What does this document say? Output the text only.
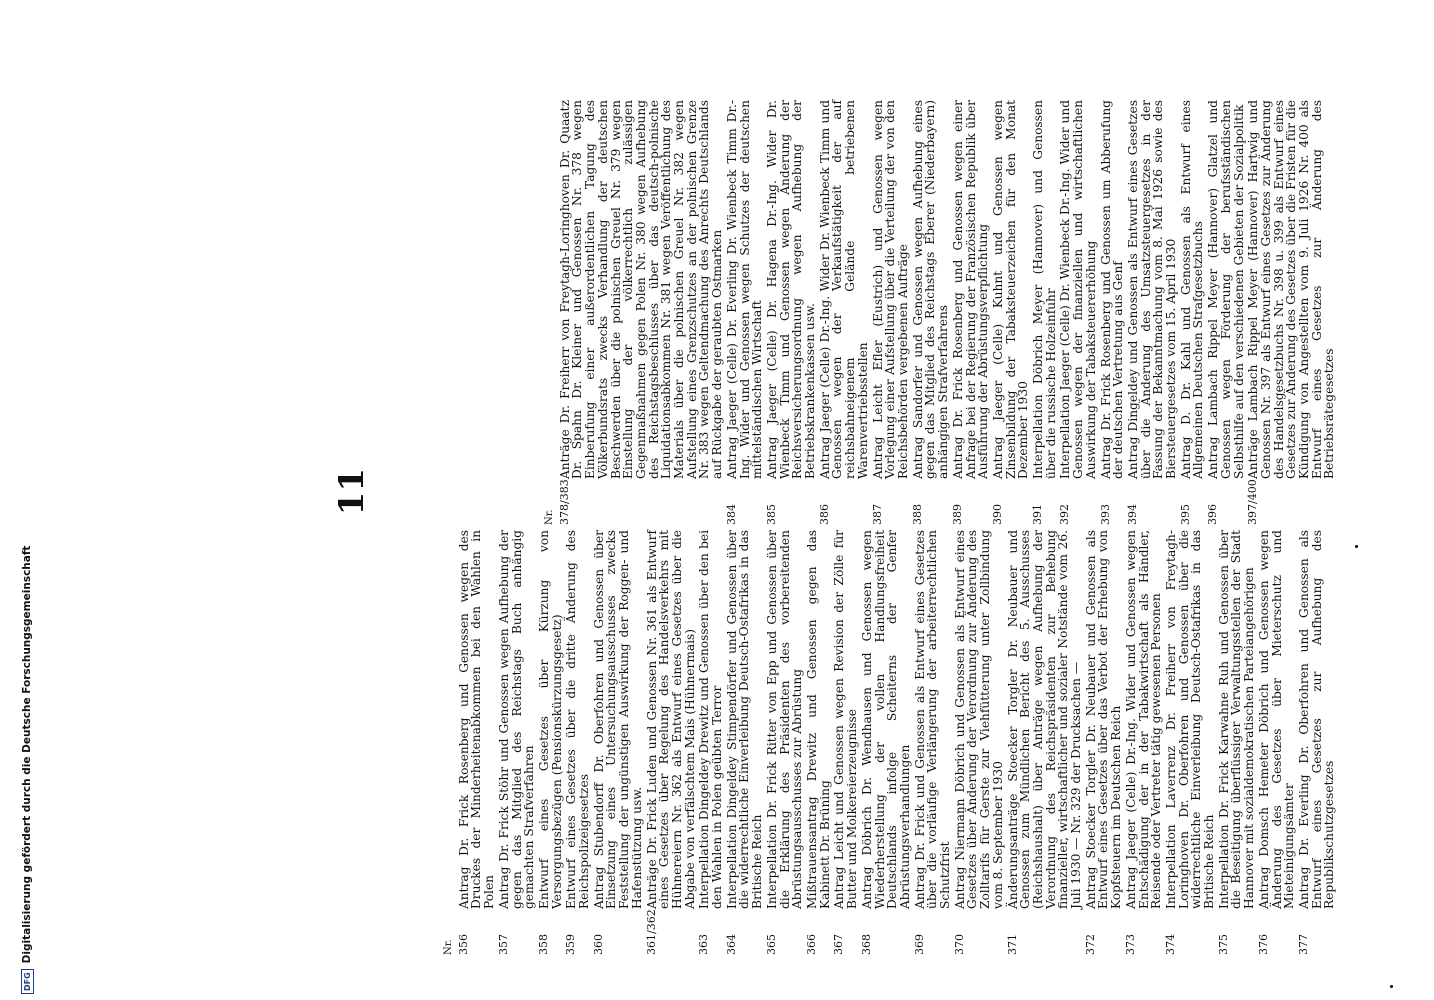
Nr. 356
Antrag Dr. Frick Rosenberg und Genossen wegen des Druckes der Minderheitenabkommen bei den Wahlen in Polen
357
Antrag Dr. Frick Stöhr und Genossen wegen Aufhebung der gegen das Mitglied des Reichstags Buch anhängig gemachten Strafverfahren
358
Entwurf eines Gesetzes über Kürzung von Versorgungsbezügen (Pensionskürzungsgesetz)
359
Entwurf eines Gesetzes über die dritte Änderung des Reichspolizeigesetzes
360
Antrag Stubendorff Dr. Oberfohren und Genossen über Einsetzung eines Untersuchungsausschusses zwecks Feststellung der ungünstigen Auswirkung der Roggen- und Hafenstützung usw.
361/362
Anträge Dr. Frick Luden und Genossen Nr. 361 als Entwurf eines Gesetzes über Regelung des Handelsverkehrs mit Hühnereiern Nr. 362 als Entwurf eines Gesetzes über die Abgabe von verfälschtem Mais (Hühnermais)
363
Interpellation Dingeldey Drewitz und Genossen über den bei den Wahlen in Polen geübten Terror
364
Interpellation Dingeldey Stimpendörfer und Genossen über die widerrechtliche Einverleibung Deutsch-Ostafrikas in das Britische Reich
365
Interpellation Dr. Frick Ritter von Epp und Genossen über die Erklärung des Präsidenten des vorbereitenden Abrüstungsausschusses zur Abrüstung
366
Mißtrauensantrag Drewitz und Genossen gegen das Kabinett Dr. Brüning
367
Antrag Leicht und Genossen wegen Revision der Zölle für Butter und Molkereierzeugnisse
368
Antrag Döbrich Dr. Wendhausen und Genossen wegen Wiederherstellung der vollen Handlungsfreiheit Deutschlands infolge Scheiterns der Genfer Abrüstungsverhandlungen
369
Antrag Dr. Frick und Genossen als Entwurf eines Gesetzes über die vorläufige Verlängerung der arbeiterrechtlichen Schutzfrist
370
Antrag Niermann Döbrich und Genossen als Entwurf eines Gesetzes über Änderung der Verordnung zur Änderung des Zolltarifs für Gerste zur Viehfütterung unter Zollbindung vom 8. September 1930
371
Änderungsanträge Stoecker Torgler Dr. Neubauer und Genossen zum Mündlichen Bericht des 5. Ausschusses (Reichshaushalt) über Anträge wegen Aufhebung der Verordnung des Reichspräsidenten zur Behebung finanzieller, wirtschaftlicher und sozialer Notstände vom 26. Juli 1930 — Nr. 329 der Drucksachen —
372
Antrag Stoecker Torgler Dr. Neubauer und Genossen als Entwurf eines Gesetzes über das Verbot der Erhebung von Kopfsteuern im Deutschen Reich
373
Antrag Jaeger (Celle) Dr.-Ing. Wider und Genossen wegen Entschädigung der in der Tabakwirtschaft als Händler, Reisende oder Vertreter tätig gewesenen Personen
374
Interpellation Laverrenz Dr. Freiherr von Freytagh-Loringhoven Dr. Oberfohren und Genossen über die widerrechtliche Einverleibung Deutsch-Ostafrikas in das Britische Reich
375
Interpellation Dr. Frick Karwahne Ruh und Genossen über die Beseitigung überflüssiger Verwaltungsstellen der Stadt Hannover mit sozialdemokratischen Parteiangehörigen
376
Antrag Domsch Hemeter Döbrich und Genossen wegen Änderung des Gesetzes über Mieterschutz und Mieteinigungsämter
377
Antrag Dr. Everling Dr. Oberfohren und Genossen als Entwurf eines Gesetzes zur Aufhebung des Republikschutzgesetzes
11
Nr. 378/383
Anträge Dr. Freiherr von Freytagh-Loringhoven Dr. Quaatz Dr. Spahn Dr. Kleiner und Genossen Nr. 378 wegen Einberufung einer außerordentlichen Tagung des Völkerbundsrats zwecks Verhandlung der deutschen Beschwerden über die polnischen Greuel Nr. 379 wegen Einstellung der völkerrechtlich zulässigen Gegenmaßnahmen gegen Polen Nr. 380 wegen Aufhebung des Reichstagsbeschlusses über das deutsch-polnische Liquidationsabkommen Nr. 381 wegen Veröffentlichung des Materials über die polnischen Greuel Nr. 382 wegen Aufstellung eines Grenzschutzes an der polnischen Grenze Nr. 383 wegen Geltendmachung des Anrechts Deutschlands auf Rückgabe der geraubten Ostmarken
384
Antrag Jaeger (Celle) Dr. Everling Dr. Wienbeck Timm Dr.-Ing. Wider und Genossen wegen Schutzes der deutschen mittelständischen Wirtschaft
385
Antrag Jaeger (Celle) Dr. Hagena Dr.-Ing. Wider Dr. Wienbeck Timm und Genossen wegen Änderung der Reichsversicherungsordnung wegen Aufhebung der Betriebskrankenkassen usw.
386
Antrag Jaeger (Celle) Dr.-Ing. Wider Dr. Wienbeck Timm und Genossen wegen der Verkaufstätigkeit der auf reichsbahneigenem Gelände betriebenen Warenvertriebsstellen
387
Antrag Leicht Efler (Eustrich) und Genossen wegen Vorlegung einer Aufstellung über die Verteilung der von den Reichsbehörden vergebenen Aufträge
388
Antrag Sandorfer und Genossen wegen Aufhebung eines gegen das Mitglied des Reichstags Eberer (Niederbayern) anhängigen Strafverfahrens
389
Antrag Dr. Frick Rosenberg und Genossen wegen einer Anfrage bei der Regierung der Französischen Republik über Ausführung der Abrüstungsverpflichtung
390
Antrag Jaeger (Celle) Kuhnt und Genossen wegen Zinsenbildung der Tabaksteuerzeichen für den Monat Dezember 1930
391
Interpellation Döbrich Meyer (Hannover) und Genossen über die russische Holzeinfuhr
392
Interpellation Jaeger (Celle) Dr. Wienbeck Dr.-Ing. Wider und Genossen wegen der finanziellen und wirtschaftlichen Auswirkung der Tabaksteuererhöhung
393
Antrag Dr. Frick Rosenberg und Genossen um Abberufung der deutschen Vertretung aus Genf
394
Antrag Dingeldey und Genossen als Entwurf eines Gesetzes über die Änderung des Umsatzsteuergesetzes in der Fassung der Bekanntmachung vom 8. Mai 1926 sowie des Biersteuergesetzes vom 15. April 1930
395
Antrag D. Dr. Kahl und Genossen als Entwurf eines Allgemeinen Deutschen Strafgesetzbuchs
396
Antrag Lambach Rippel Meyer (Hannover) Glatzel und Genossen wegen Förderung der berufsständischen Selbsthilfe auf den verschiedenen Gebieten der Sozialpolitik
397/400
Anträge Lambach Rippel Meyer (Hannover) Hartwig und Genossen Nr. 397 als Entwurf eines Gesetzes zur Änderung des Handelsgesetzbuchs Nr. 398 u. 399 als Entwurf eines Gesetzes zur Änderung des Gesetzes über die Fristen für die Kündigung von Angestellten vom 9. Juli 1926 Nr. 400 als Entwurf eines Gesetzes zur Änderung des Betriebsrätegesetzes
DFG
Digitalisierung gefördert durch die Deutsche Forschungsgemeinschaft
